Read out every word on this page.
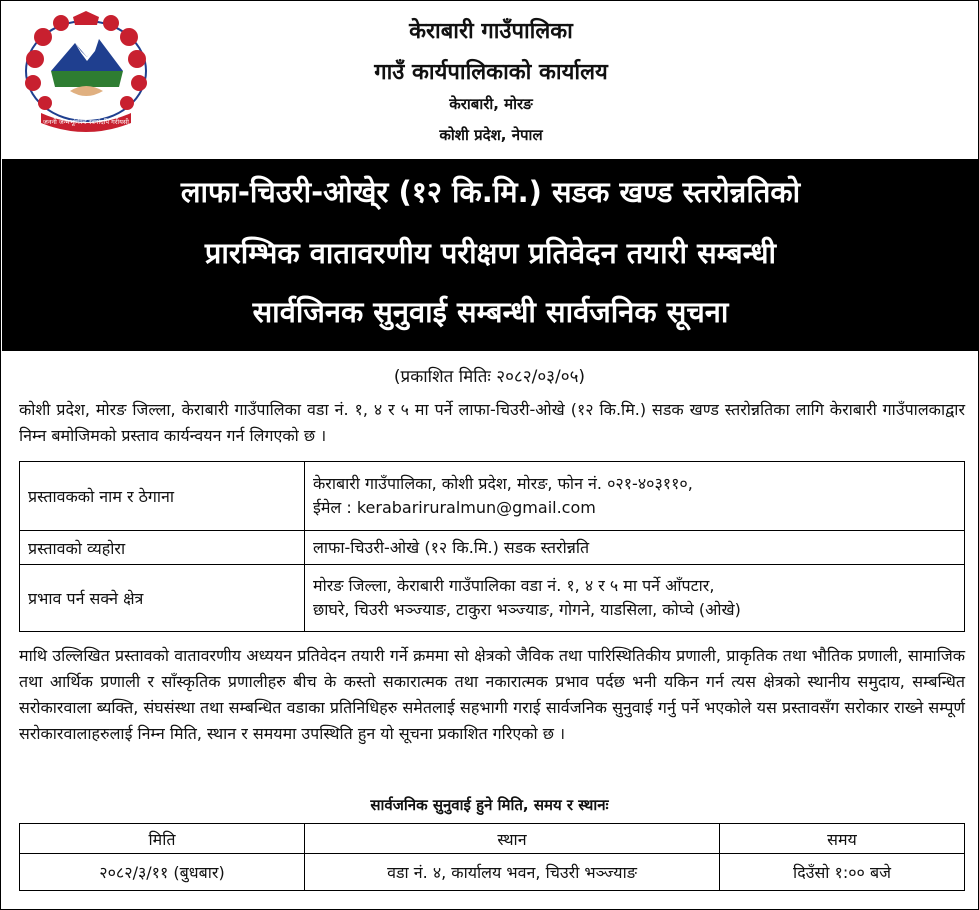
जननी जन्मभूमिश्च स्वर्गादपि गरीयसी
केराबारी गाउँपालिका
गाउँ कार्यपालिकाको कार्यालय
केराबारी, मोरङ
कोशी प्रदेश, नेपाल
लाफा-चिउरी-ओखे्र (१२ कि.मि.) सडक खण्ड स्तरोन्नतिको
प्रारम्भिक वातावरणीय परीक्षण प्रतिवेदन तयारी सम्बन्धी
सार्वजिनक सुनुवाई सम्बन्धी सार्वजनिक सूचना
(प्रकाशित मितिः २०८२/०३/०५)
कोशी प्रदेश, मोरङ जिल्ला, केराबारी गाउँपालिका वडा नं. १, ४ र ५ मा पर्ने लाफा-चिउरी-ओखे (१२ कि.मि.) सडक खण्ड स्तरोन्नतिका लागि केराबारी गाउँपालकाद्वार निम्न बमोजिमको प्रस्ताव कार्यन्वयन गर्न लिगएको छ ।
प्रस्तावकको नाम र ठेगाना	केराबारी गाउँपालिका, कोशी प्रदेश, मोरङ, फोन नं. ०२१-४०३११०,
ईमेल : kerabariruralmun@gmail.com

प्रस्तावको व्यहोरा	लाफा-चिउरी-ओखे (१२ कि.मि.) सडक स्तरोन्नति
प्रभाव पर्न सक्ने क्षेत्र	मोरङ जिल्ला, केराबारी गाउँपालिका वडा नं. १, ४ र ५ मा पर्ने आँपटार,
छाघरे, चिउरी भञ्ज्याङ, टाकुरा भञ्ज्याङ, गोगने, याडसिला, कोप्चे (ओखे)
माथि उल्लिखित प्रस्तावको वातावरणीय अध्ययन प्रतिवेदन तयारी गर्ने क्रममा सो क्षेत्रको जैविक तथा पारिस्थितिकीय प्रणाली, प्राकृतिक तथा भौतिक प्रणाली, सामाजिक तथा आर्थिक प्रणाली र साँस्कृतिक प्रणालीहरु बीच के कस्तो सकारात्मक तथा नकारात्मक प्रभाव पर्दछ भनी यकिन गर्न त्यस क्षेत्रको स्थानीय समुदाय, सम्बन्धित सरोकारवाला ब्यक्ति, संघसंस्था तथा सम्बन्धित वडाका प्रतिनिधिहरु समेतलाई सहभागी गराई सार्वजनिक सुनुवाई गर्नु पर्ने भएकोले यस प्रस्तावसँग सरोकार राख्ने सम्पूर्ण सरोकारवालाहरुलाई निम्न मिति, स्थान र समयमा उपस्थिति हुन यो सूचना प्रकाशित गरिएको छ ।
सार्वजनिक सुनुवाई हुने मिति, समय र स्थानः
मिति	स्थान	समय
२०८२/३/११ (बुधबार)	वडा नं. ४, कार्यालय भवन, चिउरी भञ्ज्याङ	दिउँसो १:०० बजे
